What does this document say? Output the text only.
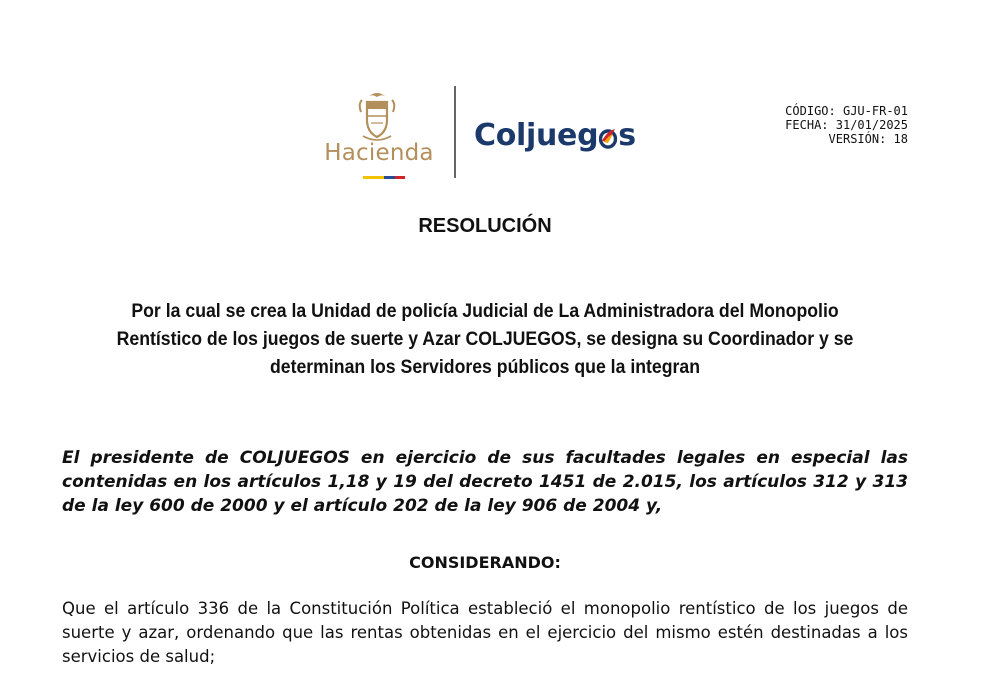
Hacienda	Coljueg s
CÓDIGO: GJU-FR-01
FECHA: 31/01/2025
VERSIÓN: 18
RESOLUCIÓN
Por la cual se crea la Unidad de policía Judicial de La Administradora del Monopolio
Rentístico de los juegos de suerte y Azar COLJUEGOS, se designa su Coordinador y se
determinan los Servidores públicos que la integran
El presidente de COLJUEGOS en ejercicio de sus facultades legales en especial las contenidas en los artículos 1,18 y 19 del decreto 1451 de 2.015, los artículos 312 y 313 de la ley 600 de 2000 y el artículo 202 de la ley 906 de 2004 y,
CONSIDERANDO:
Que el artículo 336 de la Constitución Política estableció el monopolio rentístico de los juegos de suerte y azar, ordenando que las rentas obtenidas en el ejercicio del mismo estén destinadas a los servicios de salud;
